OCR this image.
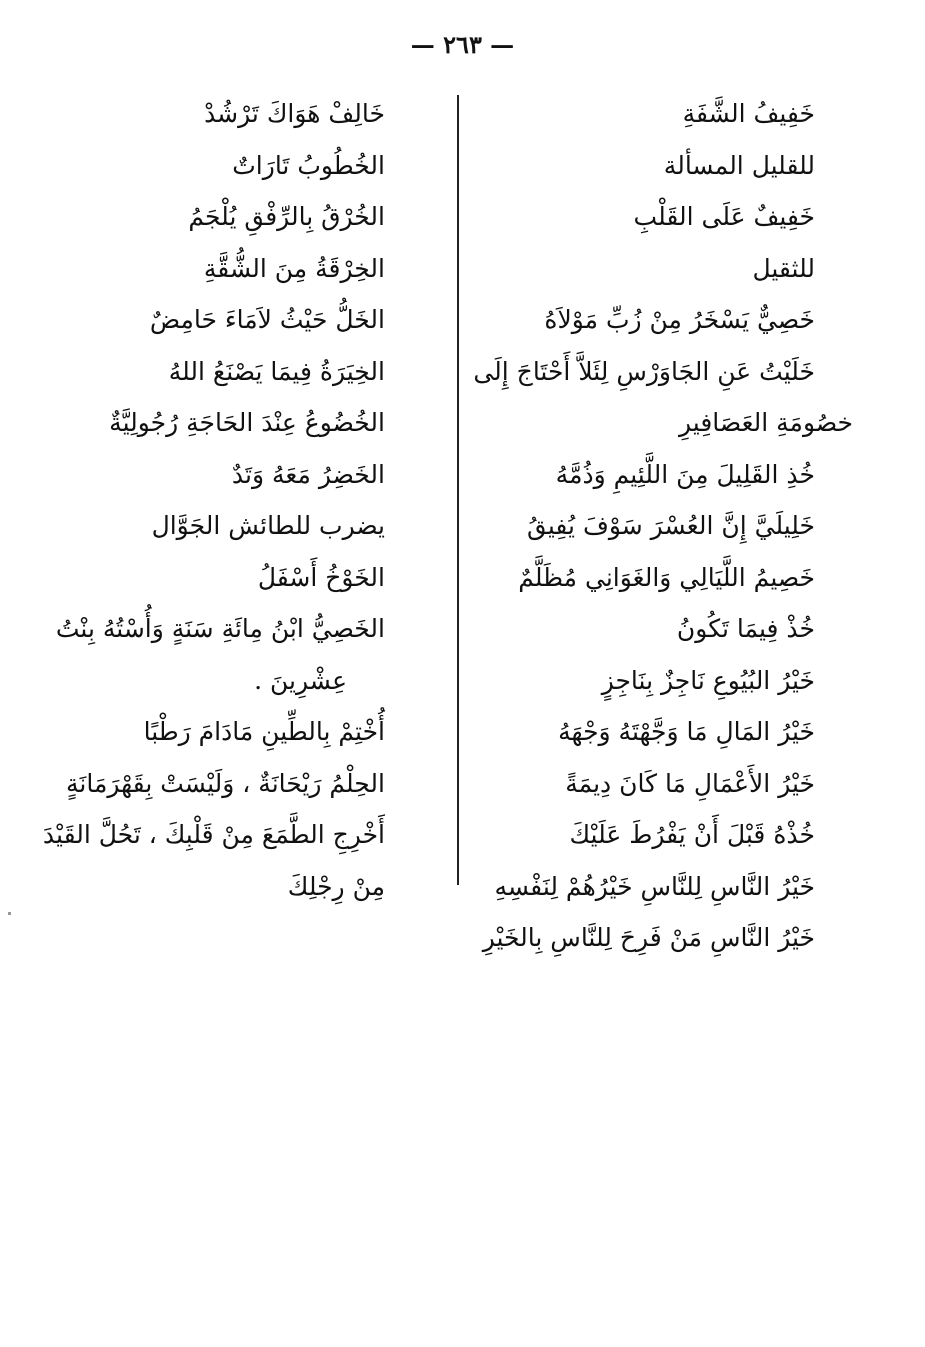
— ٢٦٣ —
خَفِيفُ الشَّفَةِ
للقليل المسألة
خَفِيفٌ عَلَى القَلْبِ
للثقيل
خَصِيٌّ يَسْخَرُ مِنْ زُبِّ مَوْلاَهُ
خَلَيْتُ عَنِ الجَاوَرْسِ لِئَلاَّ أَحْتَاجَ إِلَى
خصُومَةِ العَصَافِيرِ
خُذِ القَلِيلَ مِنَ اللَّئِيمِ وَذُمَّهُ
خَلِيلَيَّ إِنَّ العُسْرَ سَوْفَ يُفِيقُ
خَصِيمُ اللَّيَالِي وَالغَوَانِي مُظَلَّمٌ
خُذْ فِيمَا تَكُونُ
خَيْرُ البُيُوعِ نَاجِزٌ بِنَاجِزٍ
خَيْرُ المَالِ مَا وَجَّهْتَهُ وَجْهَهُ
خَيْرُ الأَعْمَالِ مَا كَانَ دِيمَةً
خُذْهُ قَبْلَ أَنْ يَفْرُطَ عَلَيْكَ
خَيْرُ النَّاسِ لِلنَّاسِ خَيْرُهُمْ لِنَفْسِهِ
خَيْرُ النَّاسِ مَنْ فَرِحَ لِلنَّاسِ بِالخَيْرِ
خَالِفْ هَوَاكَ تَرْشُدْ
الخُطُوبُ تَارَاتٌ
الخُرْقُ بِالرِّفْقِ يُلْجَمُ
الخِرْقَةُ مِنَ الشُّقَّةِ
الخَلُّ حَيْثُ لاَمَاءَ حَامِضٌ
الخِيَرَةُ فِيمَا يَصْنَعُ اللهُ
الخُضُوعُ عِنْدَ الحَاجَةِ رُجُولِيَّةٌ
الخَضِرُ مَعَهُ وَتَدٌ
يضرب للطائش الجَوَّال
الخَوْخُ أَسْفَلُ
الخَصِيُّ ابْنُ مِائَةِ سَنَةٍ وَأُسْتُهُ بِنْتُ
عِشْرِينَ .
أُخْتِمْ بِالطِّينِ مَادَامَ رَطْبًا
الحِلْمُ رَيْحَانَةٌ ، وَلَيْسَتْ بِقَهْرَمَانَةٍ
أَخْرِجِ الطَّمَعَ مِنْ قَلْبِكَ ، تَحُلَّ القَيْدَ
مِنْ رِجْلِكَ
